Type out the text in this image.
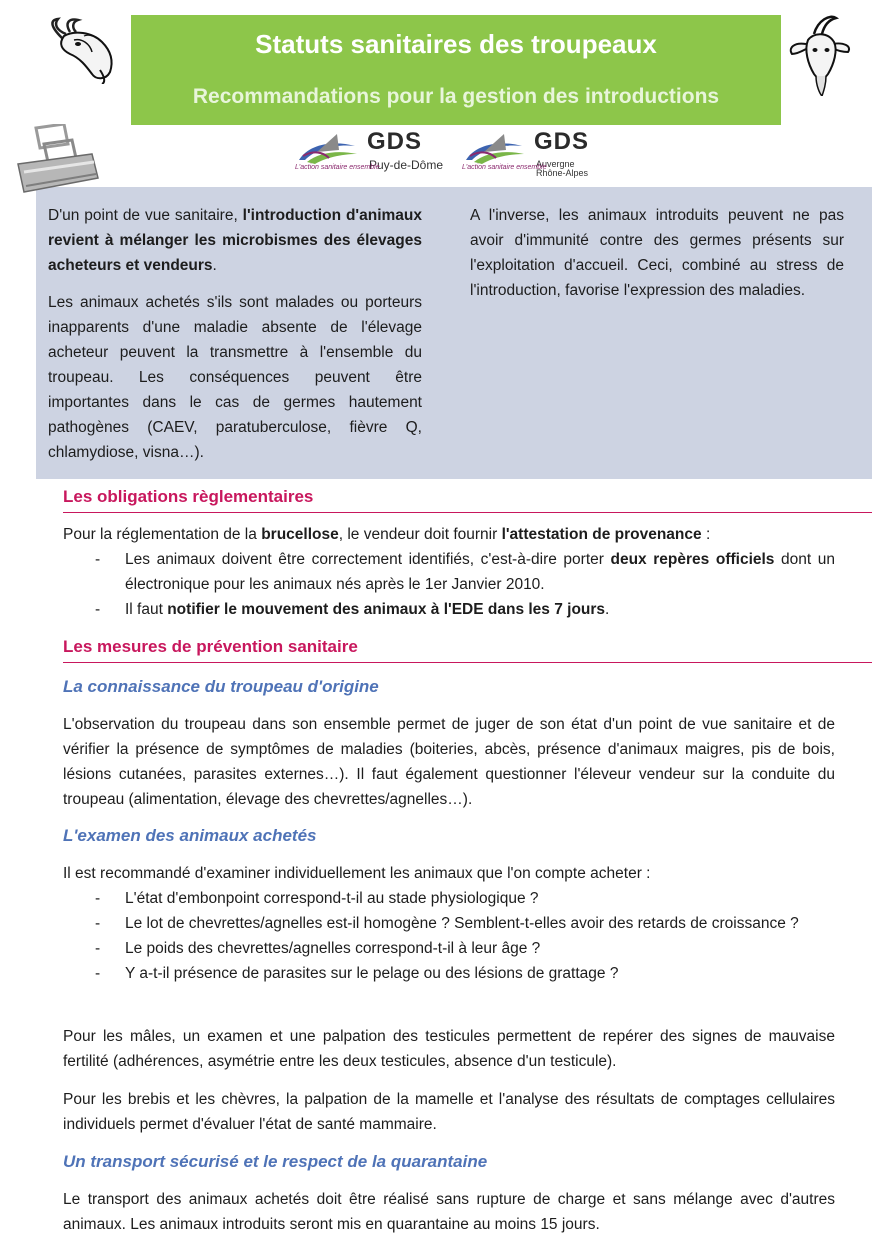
Statuts sanitaires des troupeaux
Recommandations pour la gestion des introductions
GDS
Puy-de-Dôme
L'action sanitaire ensemble
GDS
Auvergne
Rhône-Alpes
L'action sanitaire ensemble

D'un point de vue sanitaire, l'introduction d'animaux revient à mélanger les microbismes des élevages acheteurs et vendeurs.

Les animaux achetés s'ils sont malades ou porteurs inapparents d'une maladie absente de l'élevage acheteur peuvent la transmettre à l'ensemble du troupeau. Les conséquences peuvent être importantes dans le cas de germes hautement pathogènes (CAEV, paratuberculose, fièvre Q, chlamydiose, visna…).

A l'inverse, les animaux introduits peuvent ne pas avoir d'immunité contre des germes présents sur l'exploitation d'accueil. Ceci, combiné au stress de l'introduction, favorise l'expression des maladies.

Les obligations règlementaires
Pour la réglementation de la brucellose, le vendeur doit fournir l'attestation de provenance :
- Les animaux doivent être correctement identifiés, c'est-à-dire porter deux repères officiels dont un électronique pour les animaux nés après le 1er Janvier 2010.
- Il faut notifier le mouvement des animaux à l'EDE dans les 7 jours.
Les mesures de prévention sanitaire
La connaissance du troupeau d'origine
L'observation du troupeau dans son ensemble permet de juger de son état d'un point de vue sanitaire et de vérifier la présence de symptômes de maladies (boiteries, abcès, présence d'animaux maigres, pis de bois, lésions cutanées, parasites externes…). Il faut également questionner l'éleveur vendeur sur la conduite du troupeau (alimentation, élevage des chevrettes/agnelles…).
L'examen des animaux achetés
Il est recommandé d'examiner individuellement les animaux que l'on compte acheter :
- L'état d'embonpoint correspond-t-il au stade physiologique ?
- Le lot de chevrettes/agnelles est-il homogène ? Semblent-t-elles avoir des retards de croissance ?
- Le poids des chevrettes/agnelles correspond-t-il à leur âge ?
- Y a-t-il présence de parasites sur le pelage ou des lésions de grattage ?
Pour les mâles, un examen et une palpation des testicules permettent de repérer des signes de mauvaise fertilité (adhérences, asymétrie entre les deux testicules, absence d'un testicule).
Pour les brebis et les chèvres, la palpation de la mamelle et l'analyse des résultats de comptages cellulaires individuels permet d'évaluer l'état de santé mammaire.
Un transport sécurisé et le respect de la quarantaine
Le transport des animaux achetés doit être réalisé sans rupture de charge et sans mélange avec d'autres animaux. Les animaux introduits seront mis en quarantaine au moins 15 jours.
